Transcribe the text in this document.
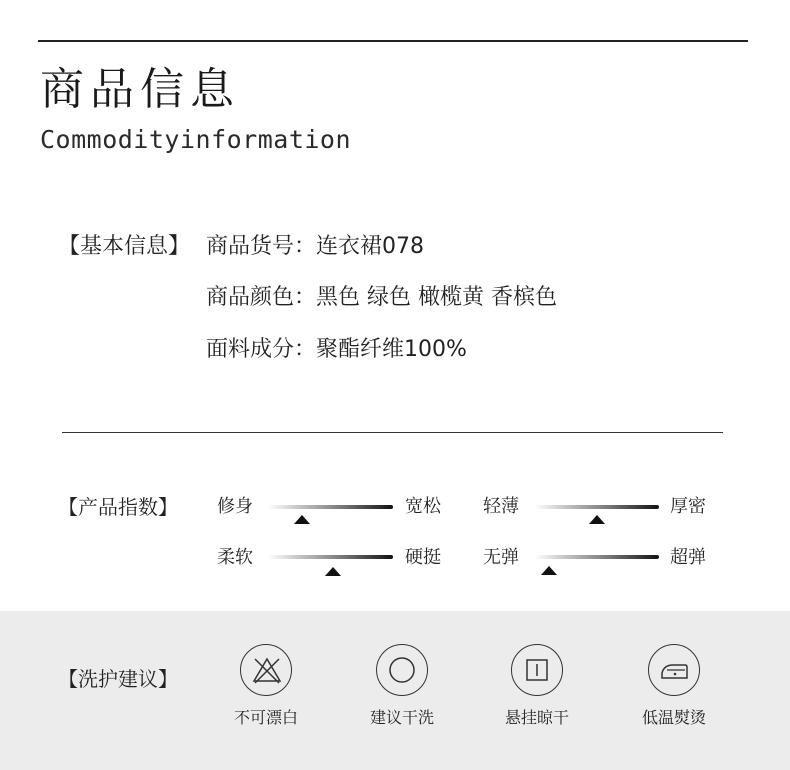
商品信息
Commodityinformation
【基本信息】 商品货号：连衣裙078
商品颜色：黑色 绿色 橄榄黄 香槟色
面料成分：聚酯纤维100%
【产品指数】 修身	宽松 轻薄	厚密
柔软	硬挺 无弹	超弹
【洗护建议】
不可漂白	建议干洗	悬挂晾干	低温熨烫
